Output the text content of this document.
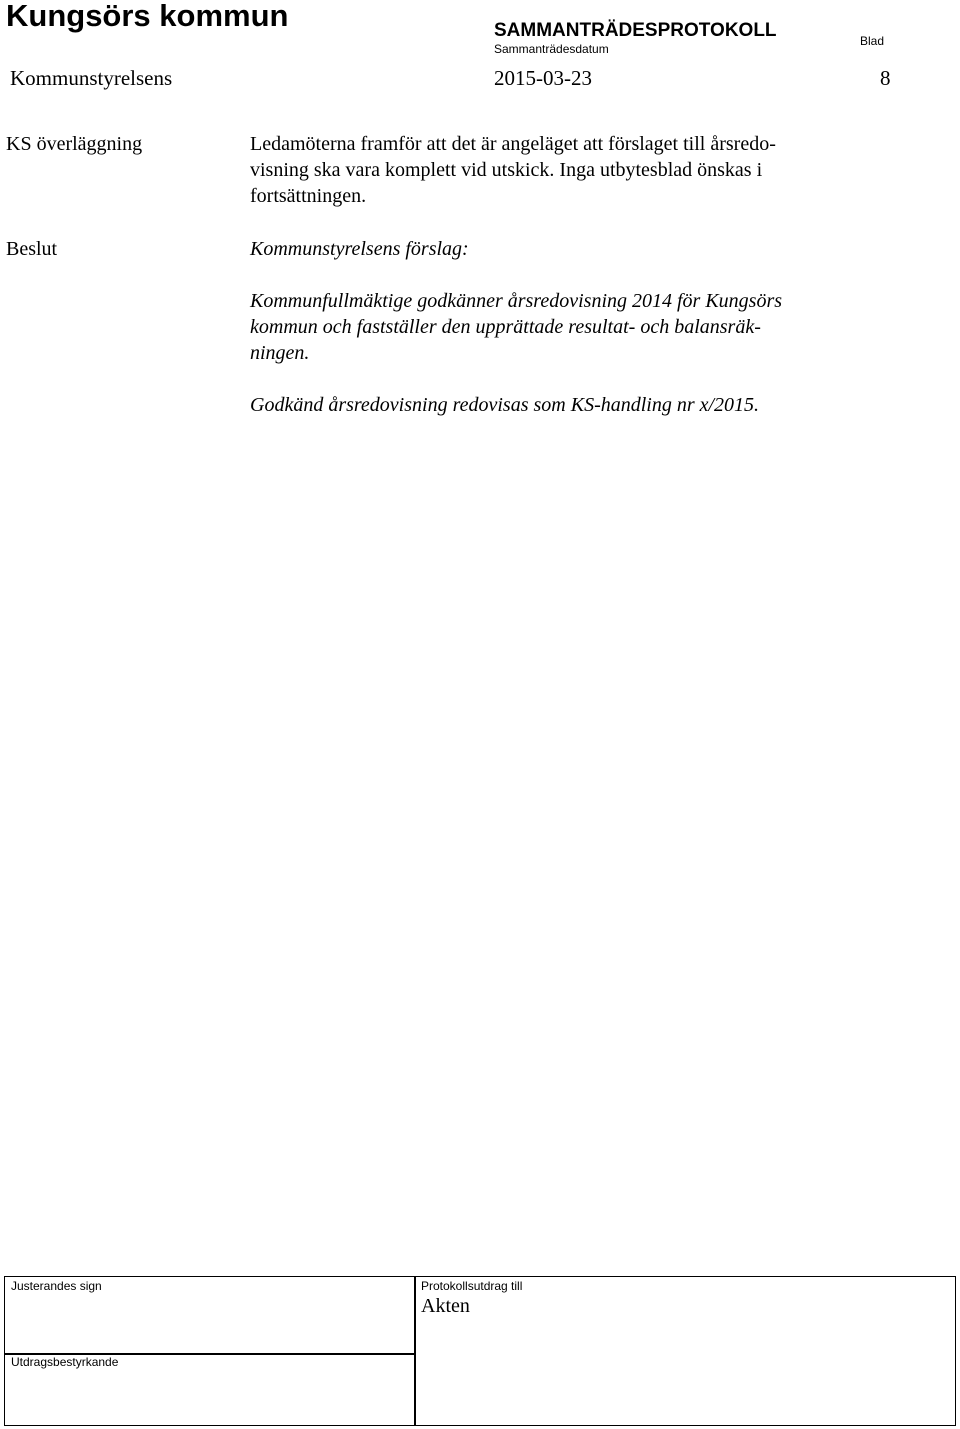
Kungsörs kommun	SAMMANTRÄDESPROTOKOLL
Sammanträdesdatum
Blad
Kommunstyrelsens	2015-03-23	8
KS överläggning	Ledamöterna framför att det är angeläget att förslaget till årsredo-
visning ska vara komplett vid utskick. Inga utbytesblad önskas i
fortsättningen.
Beslut	Kommunstyrelsens förslag:
Kommunfullmäktige godkänner årsredovisning 2014 för Kungsörs
kommun och fastställer den upprättade resultat- och balansräk-
ningen.
Godkänd årsredovisning redovisas som KS-handling nr x/2015.
Justerandes sign
Utdragsbestyrkande
Protokollsutdrag till
Akten
